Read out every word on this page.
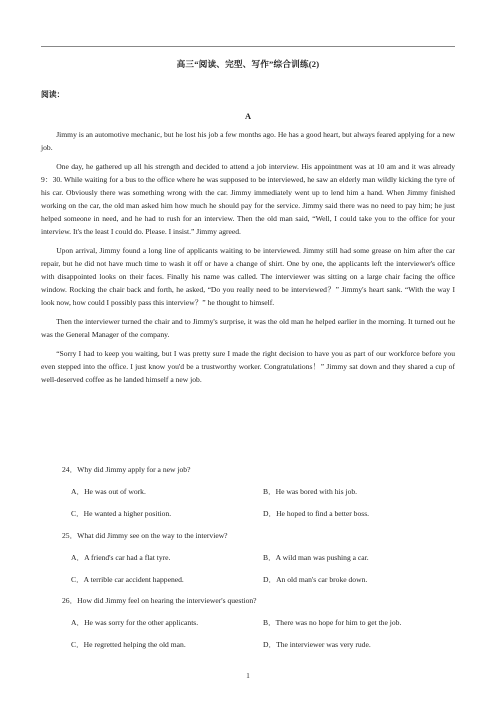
高三“阅读、完型、写作”综合训练(2)
阅读：
A

Jimmy is an automotive mechanic, but he lost his job a few months ago. He has a good heart, but always feared applying for a new job.

One day, he gathered up all his strength and decided to attend a job interview. His appointment was at 10 am and it was already 9：30. While waiting for a bus to the office where he was supposed to be interviewed, he saw an elderly man wildly kicking the tyre of his car. Obviously there was something wrong with the car. Jimmy immediately went up to lend him a hand. When Jimmy finished working on the car, the old man asked him how much he should pay for the service. Jimmy said there was no need to pay him; he just helped someone in need, and he had to rush for an interview. Then the old man said, “Well, I could take you to the office for your interview. It's the least I could do. Please. I insist.” Jimmy agreed.

Upon arrival, Jimmy found a long line of applicants waiting to be interviewed. Jimmy still had some grease on him after the car repair, but he did not have much time to wash it off or have a change of shirt. One by one, the applicants left the interviewer's office with disappointed looks on their faces. Finally his name was called. The interviewer was sitting on a large chair facing the office window. Rocking the chair back and forth, he asked, “Do you really need to be interviewed？” Jimmy's heart sank. “With the way I look now, how could I possibly pass this interview？” he thought to himself.

Then the interviewer turned the chair and to Jimmy's surprise, it was the old man he helped earlier in the morning. It turned out he was the General Manager of the company.

“Sorry I had to keep you waiting, but I was pretty sure I made the right decision to have you as part of our workforce before you even stepped into the office. I just know you'd be a trustworthy worker. Congratulations！” Jimmy sat down and they shared a cup of well-deserved coffee as he landed himself a new job.

24．Why did Jimmy apply for a new job?
A．He was out of work.	B．He was bored with his job.
C．He wanted a higher position.	D．He hoped to find a better boss.
25．What did Jimmy see on the way to the interview?
A．A friend's car had a flat tyre.	B．A wild man was pushing a car.
C．A terrible car accident happened.	D．An old man's car broke down.
26．How did Jimmy feel on hearing the interviewer's question?
A．He was sorry for the other applicants.	B．There was no hope for him to get the job.
C．He regretted helping the old man.	D．The interviewer was very rude.
1
